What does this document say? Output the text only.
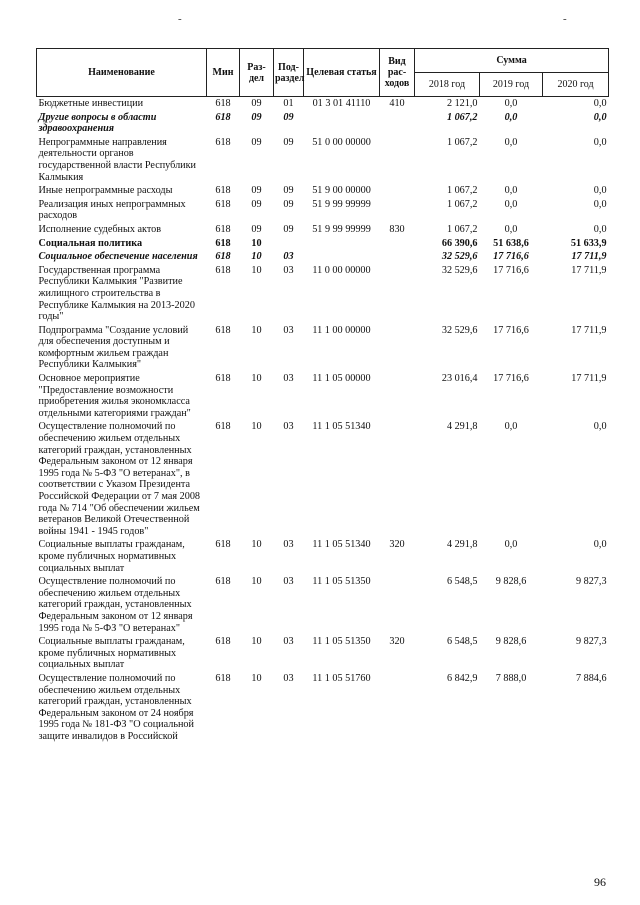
-	-
Наименование	Мин	Раз-дел	Под-раздел	Целевая статья	Вид рас-ходов	Сумма		
						2018 год	2019 год	2020 год
Бюджетные инвестиции	618	09	01	01 3 01 41110	410	2 121,0	0,0	0,0
Другие вопросы в области здравоохранения	618	09	09			1 067,2	0,0	0,0
Непрограммные направления деятельности органов государственной власти Республики Калмыкия	618	09	09	51 0 00 00000		1 067,2	0,0	0,0
Иные непрограммные расходы	618	09	09	51 9 00 00000		1 067,2	0,0	0,0
Реализация иных непрограммных расходов	618	09	09	51 9 99 99999		1 067,2	0,0	0,0
Исполнение судебных актов	618	09	09	51 9 99 99999	830	1 067,2	0,0	0,0
Социальная политика	618	10				66 390,6	51 638,6	51 633,9
Социальное обеспечение населения	618	10	03			32 529,6	17 716,6	17 711,9
Государственная программа Республики Калмыкия "Развитие жилищного строительства в Республике Калмыкия на 2013-2020 годы"	618	10	03	11 0 00 00000		32 529,6	17 716,6	17 711,9
Подпрограмма "Создание условий для обеспечения доступным и комфортным жильем граждан Республики Калмыкия"	618	10	03	11 1 00 00000		32 529,6	17 716,6	17 711,9
Основное мероприятие "Предоставление возможности приобретения жилья экономкласса отдельными категориями граждан"	618	10	03	11 1 05 00000		23 016,4	17 716,6	17 711,9
Осуществление полномочий по обеспечению жильем отдельных категорий граждан, установленных Федеральным законом от 12 января 1995 года № 5-ФЗ "О ветеранах", в соответствии с Указом Президента Российской Федерации от 7 мая 2008 года № 714 "Об обеспечении жильем ветеранов Великой Отечественной войны 1941 - 1945 годов"	618	10	03	11 1 05 51340		4 291,8	0,0	0,0
Социальные выплаты гражданам, кроме публичных нормативных социальных выплат	618	10	03	11 1 05 51340	320	4 291,8	0,0	0,0
Осуществление полномочий по обеспечению жильем отдельных категорий граждан, установленных Федеральным законом от 12 января 1995 года № 5-ФЗ "О ветеранах"	618	10	03	11 1 05 51350		6 548,5	9 828,6	9 827,3
Социальные выплаты гражданам, кроме публичных нормативных социальных выплат	618	10	03	11 1 05 51350	320	6 548,5	9 828,6	9 827,3
Осуществление полномочий по обеспечению жильем отдельных категорий граждан, установленных Федеральным законом от 24 ноября 1995 года № 181-ФЗ "О социальной защите инвалидов в Российской	618	10	03	11 1 05 51760		6 842,9	7 888,0	7 884,6
96
